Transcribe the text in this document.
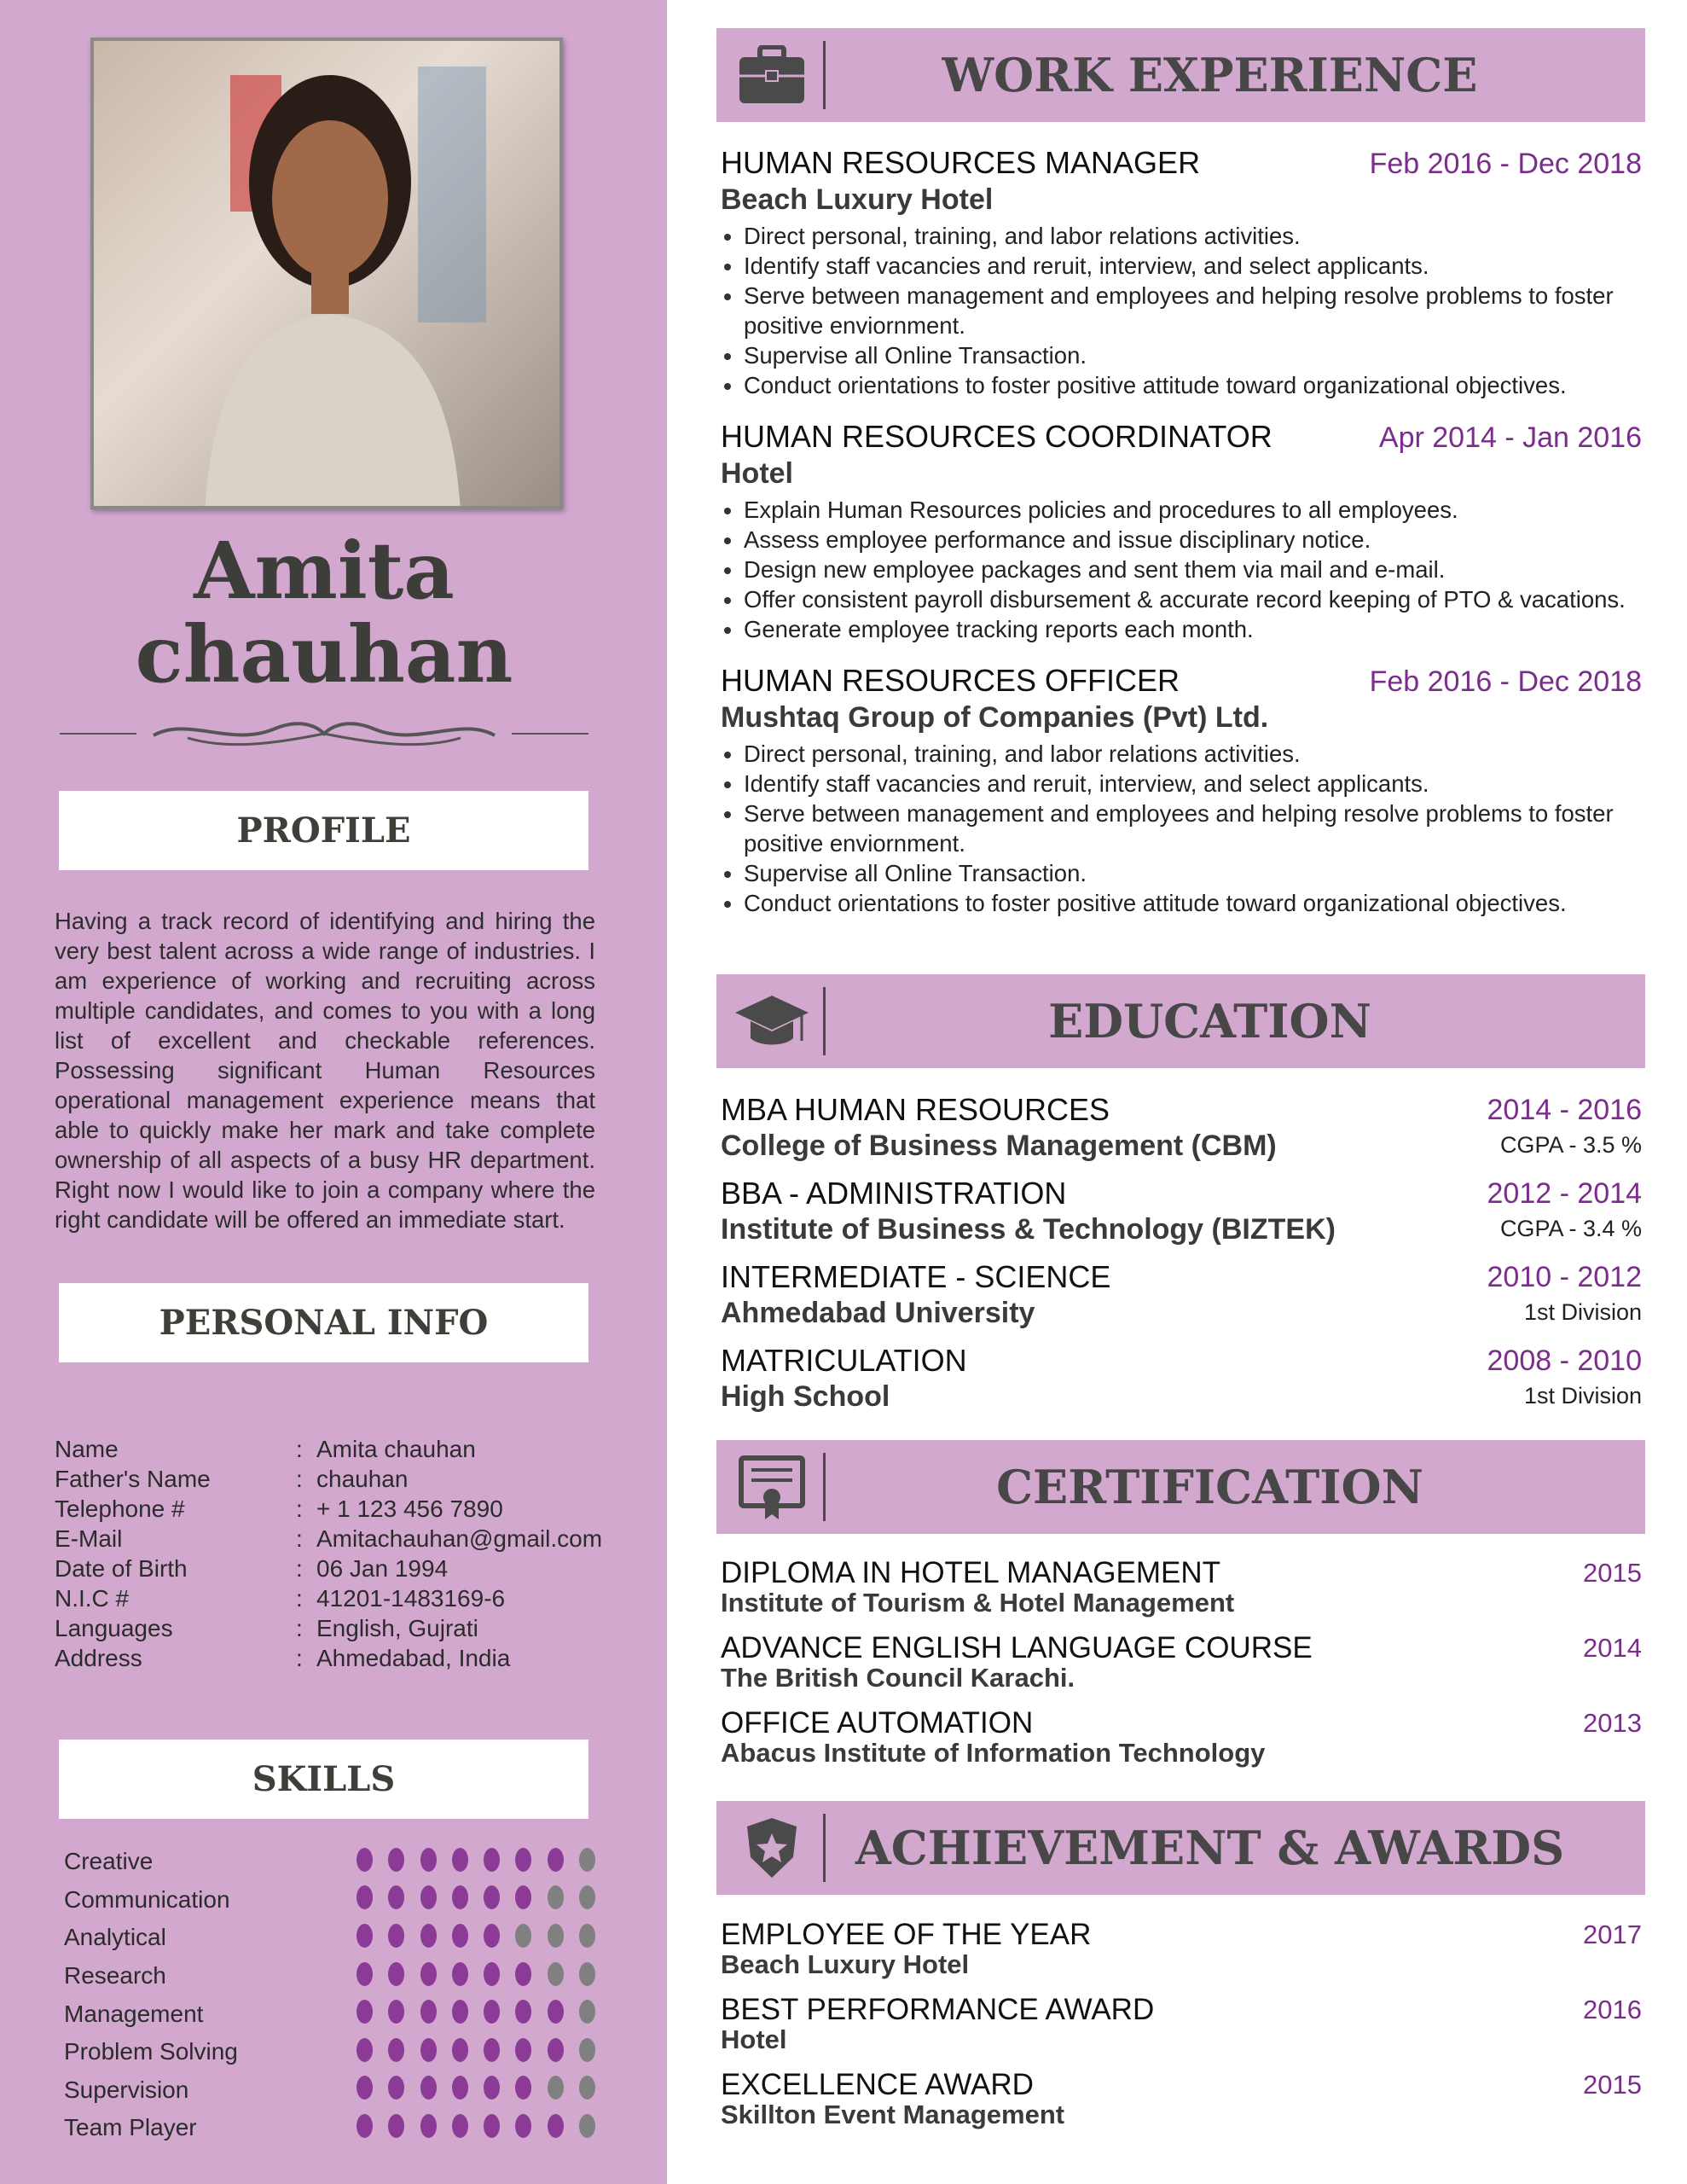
Amita
chauhan
PROFILE
Having a track record of identifying and hiring the very best talent across a wide range of industries. I am experience of working and recruiting across multiple candidates, and comes to you with a long list of excellent and checkable references. Possessing significant Human Resources operational management experience means that able to quickly make her mark and take complete ownership of all aspects of a busy HR department. Right now I would like to join a company where the right candidate will be offered an immediate start.
PERSONAL INFO
Name	: Amita chauhan
Father's Name	: chauhan
Telephone #	: + 1 123 456 7890
E-Mail	: Amitachauhan@gmail.com
Date of Birth	: 06 Jan 1994
N.I.C #	: 41201-1483169-6
Languages	: English, Gujrati
Address	: Ahmedabad, India
SKILLS
Creative
Communication
Analytical
Research
Management
Problem Solving
Supervision
Team Player
WORK EXPERIENCE
HUMAN RESOURCES MANAGER	Feb 2016 - Dec 2018
Beach Luxury Hotel
Direct personal, training, and labor relations activities.
Identify staff vacancies and reruit, interview, and select applicants.
Serve between management and employees and helping resolve problems to foster positive enviornment.
Supervise all Online Transaction.
Conduct orientations to foster positive attitude toward organizational objectives.
HUMAN RESOURCES COORDINATOR	Apr 2014 - Jan 2016
Hotel
Explain Human Resources policies and procedures to all employees.
Assess employee performance and issue disciplinary notice.
Design new employee packages and sent them via mail and e-mail.
Offer consistent payroll disbursement & accurate record keeping of PTO & vacations.
Generate employee tracking reports each month.
HUMAN RESOURCES OFFICER	Feb 2016 - Dec 2018
Mushtaq Group of Companies (Pvt) Ltd.
Direct personal, training, and labor relations activities.
Identify staff vacancies and reruit, interview, and select applicants.
Serve between management and employees and helping resolve problems to foster positive enviornment.
Supervise all Online Transaction.
Conduct orientations to foster positive attitude toward organizational objectives.
EDUCATION
MBA HUMAN RESOURCES
College of Business Management (CBM)
2014 - 2016
CGPA - 3.5 %
BBA - ADMINISTRATION
Institute of Business & Technology (BIZTEK)
2012 - 2014
CGPA - 3.4 %
INTERMEDIATE - SCIENCE
Ahmedabad University
2010 - 2012
1st Division
MATRICULATION
High School
2008 - 2010
1st Division
CERTIFICATION
DIPLOMA IN HOTEL MANAGEMENT
Institute of Tourism & Hotel Management
2015
ADVANCE ENGLISH LANGUAGE COURSE
The British Council Karachi.
2014
OFFICE AUTOMATION
Abacus Institute of Information Technology
2013
ACHIEVEMENT & AWARDS
EMPLOYEE OF THE YEAR
Beach Luxury Hotel
2017
BEST PERFORMANCE AWARD
Hotel
2016
EXCELLENCE AWARD
Skillton Event Management
2015
